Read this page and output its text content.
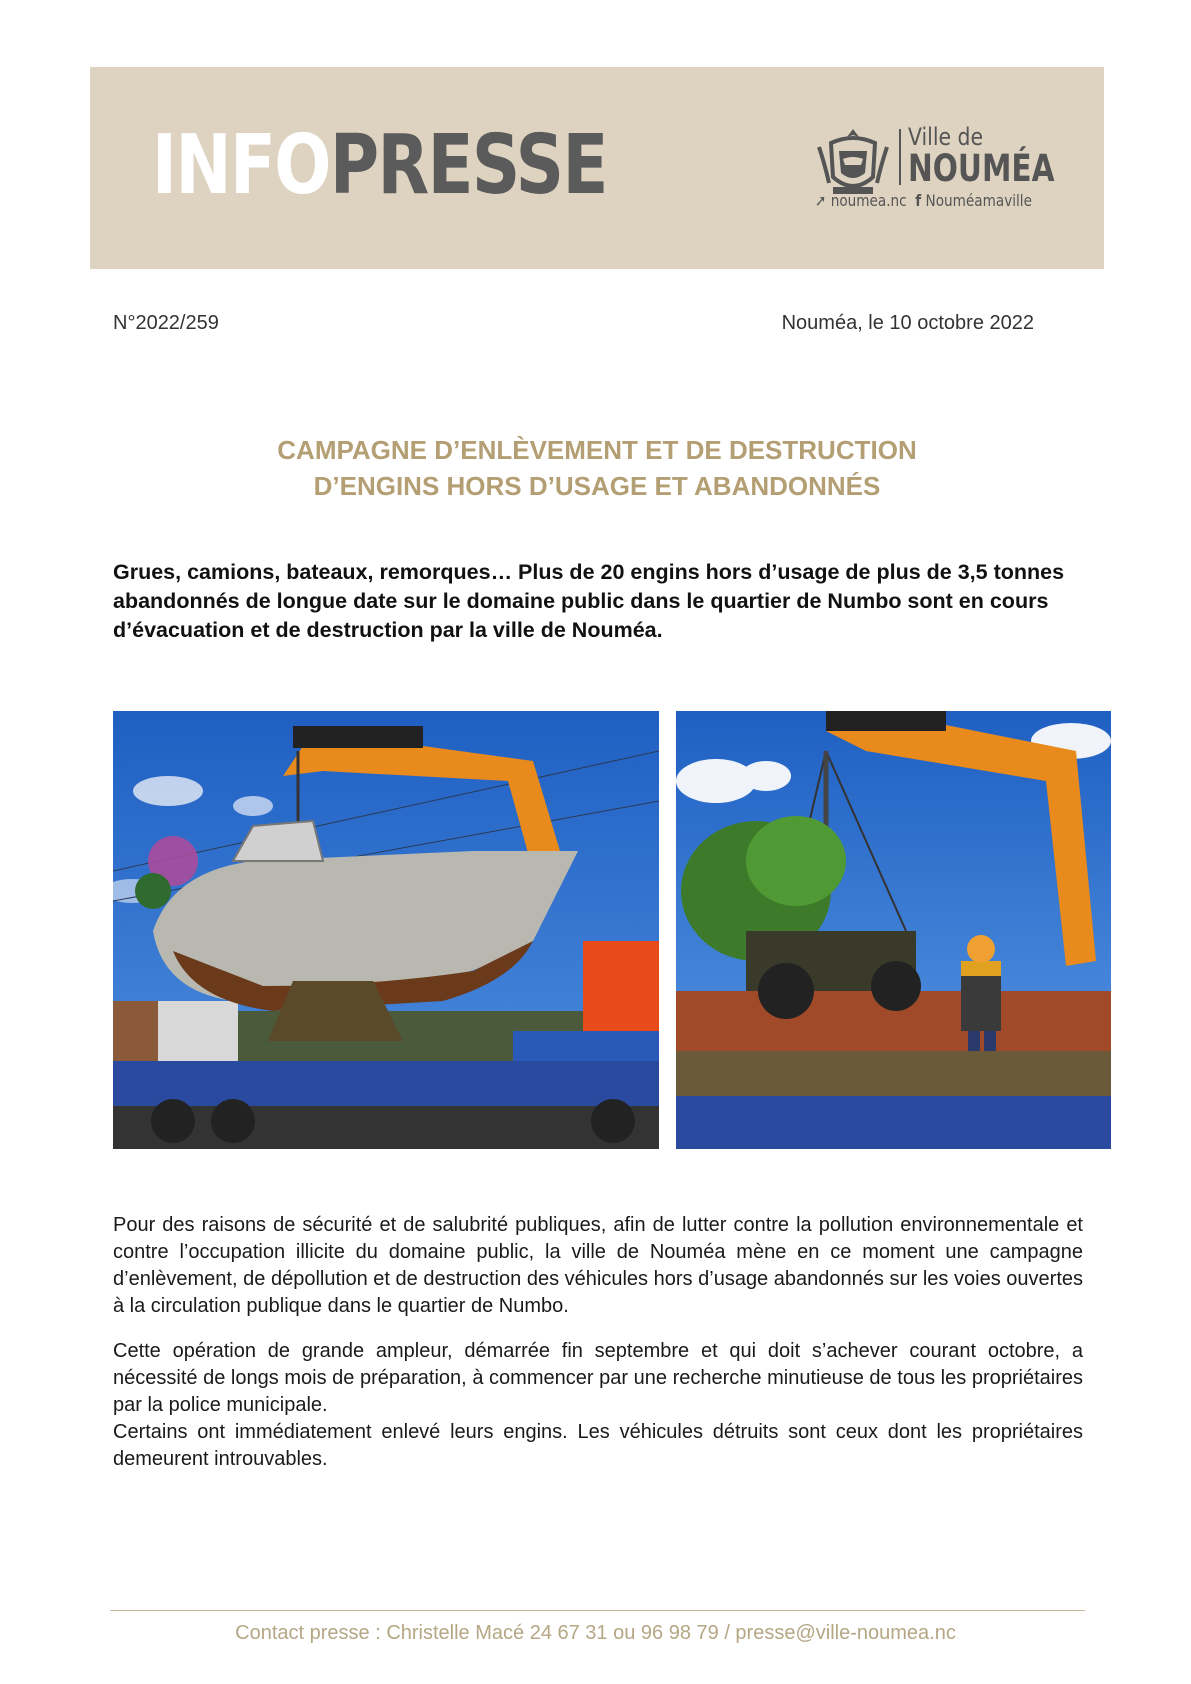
INFOPRESSE	Ville de
NOUMÉA
➚ noumea.nc f Nouméamaville
N°2022/259	Nouméa, le 10 octobre 2022
CAMPAGNE D’ENLÈVEMENT ET DE DESTRUCTION
D’ENGINS HORS D’USAGE ET ABANDONNÉS
Grues, camions, bateaux, remorques… Plus de 20 engins hors d’usage de plus de 3,5 tonnes abandonnés de longue date sur le domaine public dans le quartier de Numbo sont en cours d’évacuation et de destruction par la ville de Nouméa.

Pour des raisons de sécurité et de salubrité publiques, afin de lutter contre la pollution environnementale et contre l’occupation illicite du domaine public, la ville de Nouméa mène en ce moment une campagne d’enlèvement, de dépollution et de destruction des véhicules hors d’usage abandonnés sur les voies ouvertes à la circulation publique dans le quartier de Numbo.

Cette opération de grande ampleur, démarrée fin septembre et qui doit s’achever courant octobre, a nécessité de longs mois de préparation, à commencer par une recherche minutieuse de tous les propriétaires par la police municipale.

Certains ont immédiatement enlevé leurs engins. Les véhicules détruits sont ceux dont les propriétaires demeurent introuvables.

Contact presse : Christelle Macé 24 67 31 ou 96 98 79 / presse@ville-noumea.nc
